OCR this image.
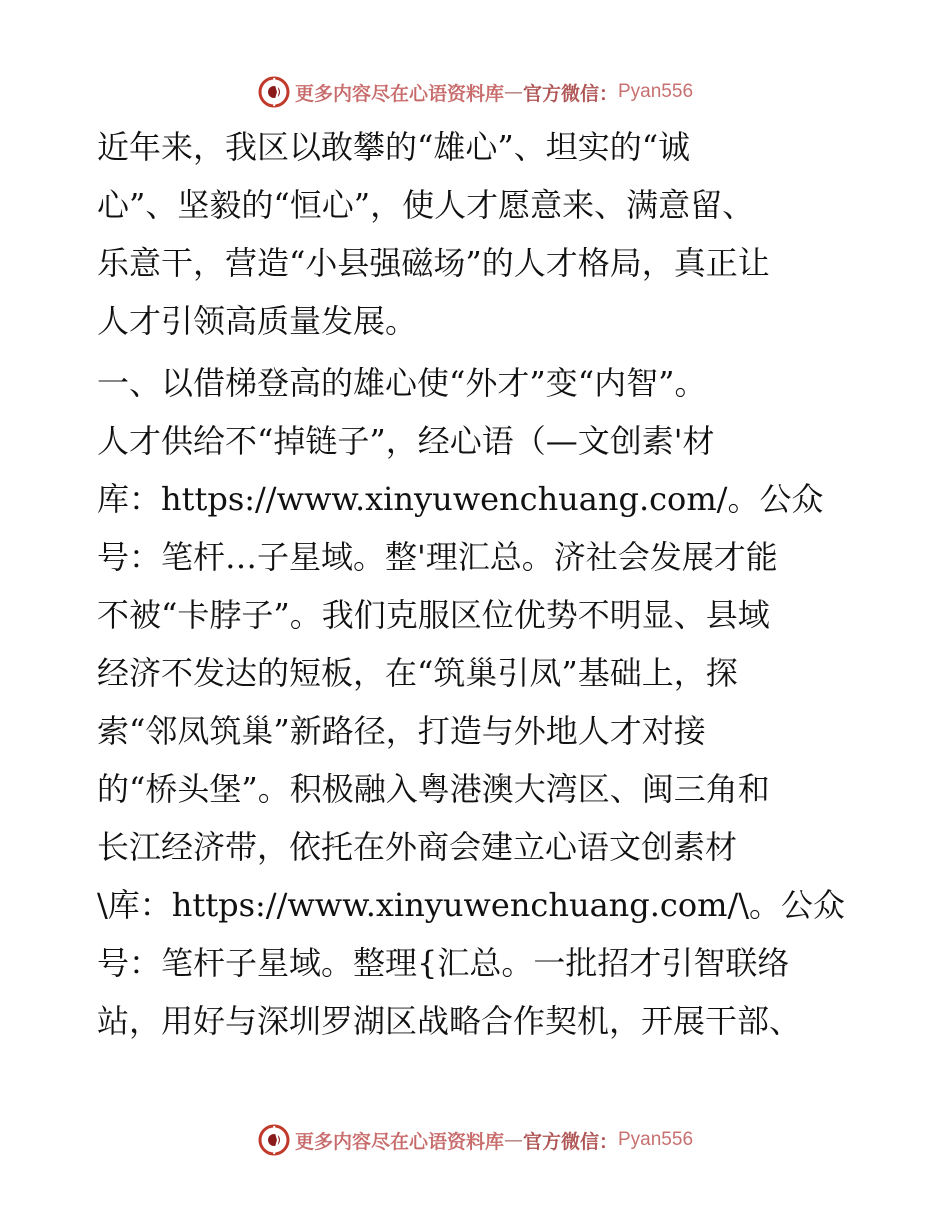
更多内容尽在心语资料库 — 官方微信： Pyan556
近年来，我区以敢攀的“雄心”、坦实的“诚
心”、坚毅的“恒心”，使人才愿意来、满意留、
乐意干，营造“小县强磁场”的人才格局，真正让
人才引领高质量发展。
一、以借梯登高的雄心使“外才”变“内智”。
人才供给不“掉链子”，经心语（—文创素'材
库：https://www.xinyuwenchuang.com/。公众
号：笔杆…子星域。整'理汇总。济社会发展才能
不被“卡脖子”。我们克服区位优势不明显、县域
经济不发达的短板，在“筑巢引凤”基础上，探
索“邻凤筑巢”新路径，打造与外地人才对接
的“桥头堡”。积极融入粤港澳大湾区、闽三角和
长江经济带，依托在外商会建立心语文创素材
\库：https://www.xinyuwenchuang.com/\。公众
号：笔杆子星域。整理{汇总。一批招才引智联络
站，用好与深圳罗湖区战略合作契机，开展干部、
更多内容尽在心语资料库 — 官方微信： Pyan556
